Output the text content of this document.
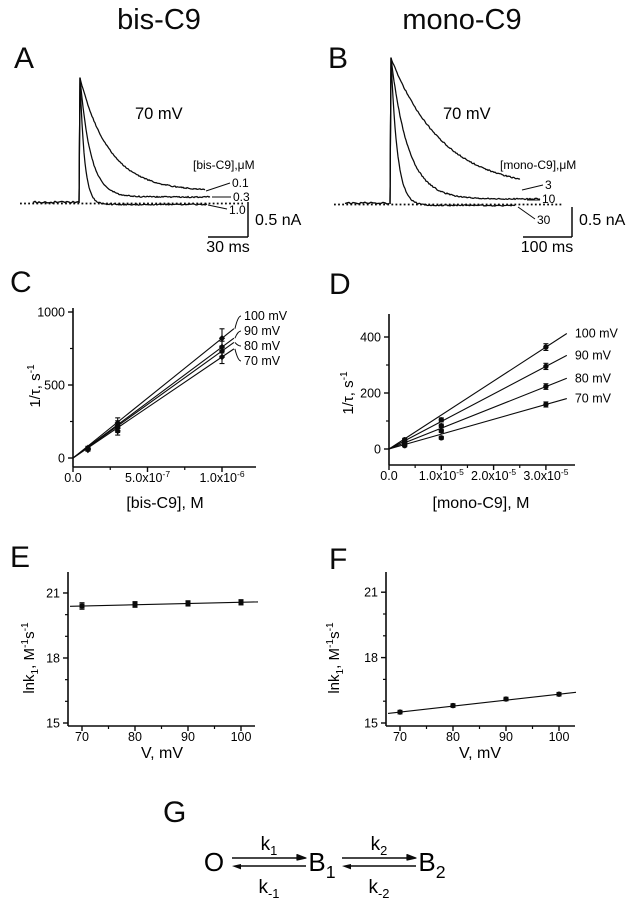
bis-C9	mono-C9
A	B
C	D
E	F
G
70 mV
[bis-C9],μM
0.1
0.3
1.0
0.5 nA
30 ms
70 mV
[mono-C9],μM
3
10
30 0.5 nA
100 ms
0.0	$5.0x10^{-7}$ $1.0x10^{-6}$
0
500
1000
[bis-C9], M
1/τ, $s^{-1}$
100 mV
90 mV
80 mV
70 mV
0.0 $1.0x10^{-5}$ $2.0x10^{-5}$ $3.0x10^{-5}$
0
200
400
[mono-C9], M
1/τ, $s^{-1}$
100 mV
90 mV
80 mV
70 mV
70	80	90	100
15
18
21
V, mV
lnk$_1$, $M^{-1}s^{-1}$
70	80	90	100
15
18
21
V, mV
lnk$_1$, $M^{-1}s^{-1}$
O	$B_1$	$B_2$
$k_1$
$k_{-1}$
$k_2$
$k_{-2}$
